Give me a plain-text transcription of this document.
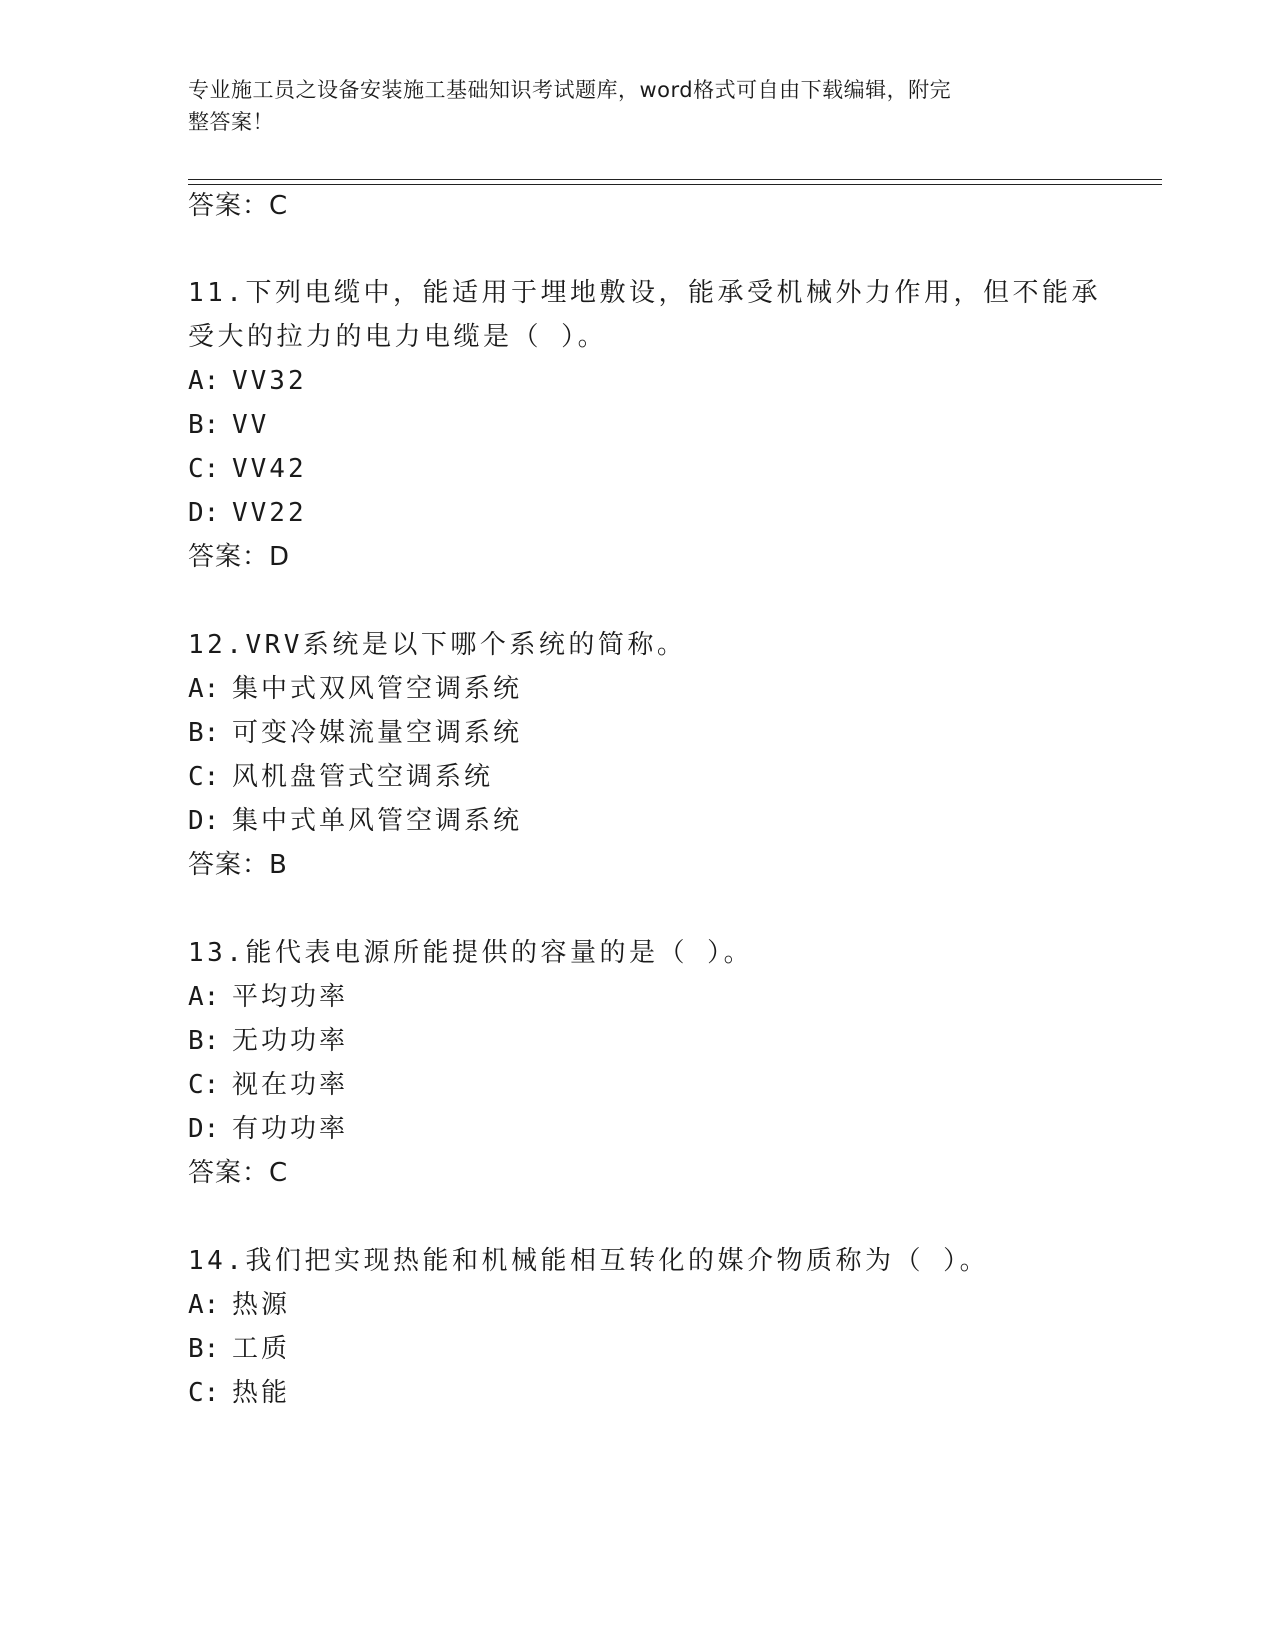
专业施工员之设备安装施工基础知识考试题库，word格式可自由下载编辑，附完
整答案！
答案：C
11.下列电缆中，能适用于埋地敷设，能承受机械外力作用，但不能承
受大的拉力的电力电缆是（ ）。
A: VV32
B: VV
C: VV42
D: VV22
答案：D
12.VRV系统是以下哪个系统的简称。
A: 集中式双风管空调系统
B: 可变冷媒流量空调系统
C: 风机盘管式空调系统
D: 集中式单风管空调系统
答案：B
13.能代表电源所能提供的容量的是（ ）。
A: 平均功率
B: 无功功率
C: 视在功率
D: 有功功率
答案：C
14.我们把实现热能和机械能相互转化的媒介物质称为（ ）。
A: 热源
B: 工质
C: 热能
